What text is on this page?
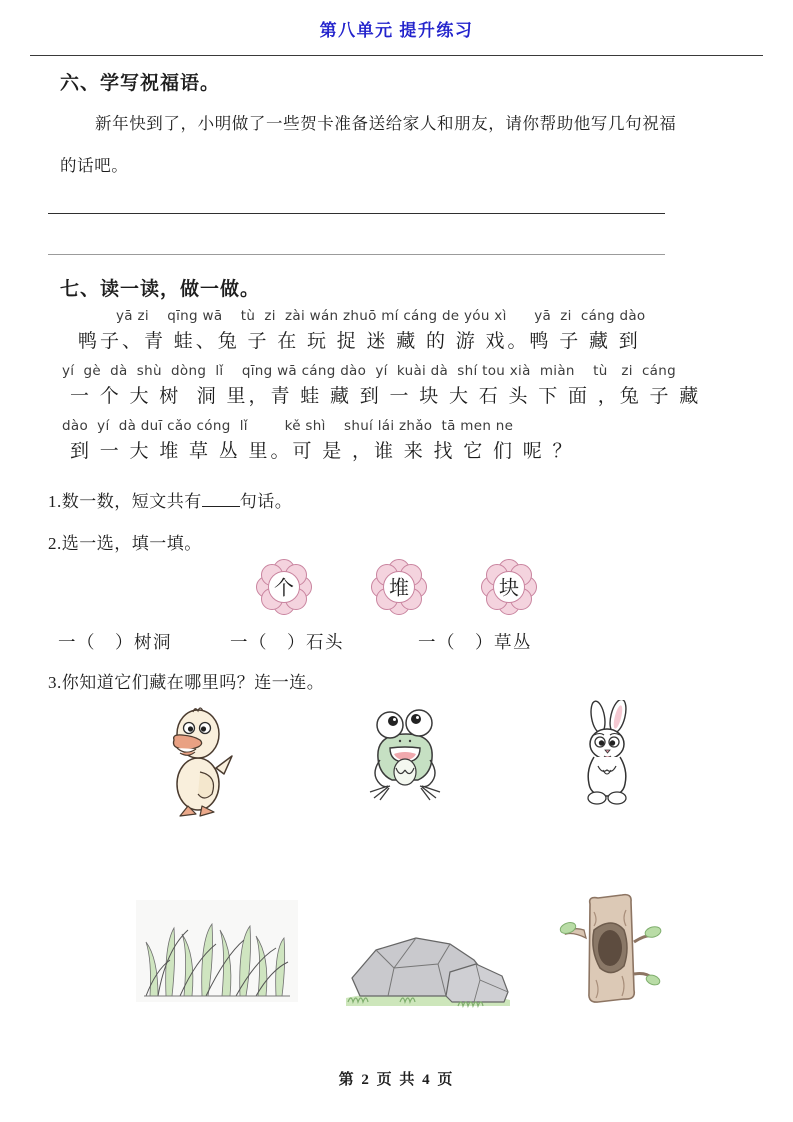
第八单元 提升练习
六、学写祝福语。
新年快到了，小明做了一些贺卡准备送给家人和朋友，请你帮助他写几句祝福
的话吧。
七、读一读，做一做。
yā zi    qīng wā    tù  zi  zài wán zhuō mí cáng de yóu xì      yā  zi  cáng dào
鸭子、青 蛙、兔 子 在 玩 捉 迷 藏 的 游 戏。鸭 子 藏 到
yí  gè  dà  shù  dòng  lǐ    qīng wā cáng dào  yí  kuài dà  shí tou xià  miàn    tù   zi  cáng
一 个 大 树  洞 里，青 蛙 藏 到 一 块 大 石 头 下 面 ，兔 子 藏
dào  yí  dà duī cǎo cóng  lǐ        kě shì    shuí lái zhǎo  tā men ne
到 一 大 堆 草 丛 里。可 是 ，谁 来 找 它 们 呢 ？
1.数一数，短文共有 句话。
2.选一选，填一填。
个	堆	块
一（　）树洞	一（　）石头	一（　）草丛
3.你知道它们藏在哪里吗？连一连。
第 2 页 共 4 页
